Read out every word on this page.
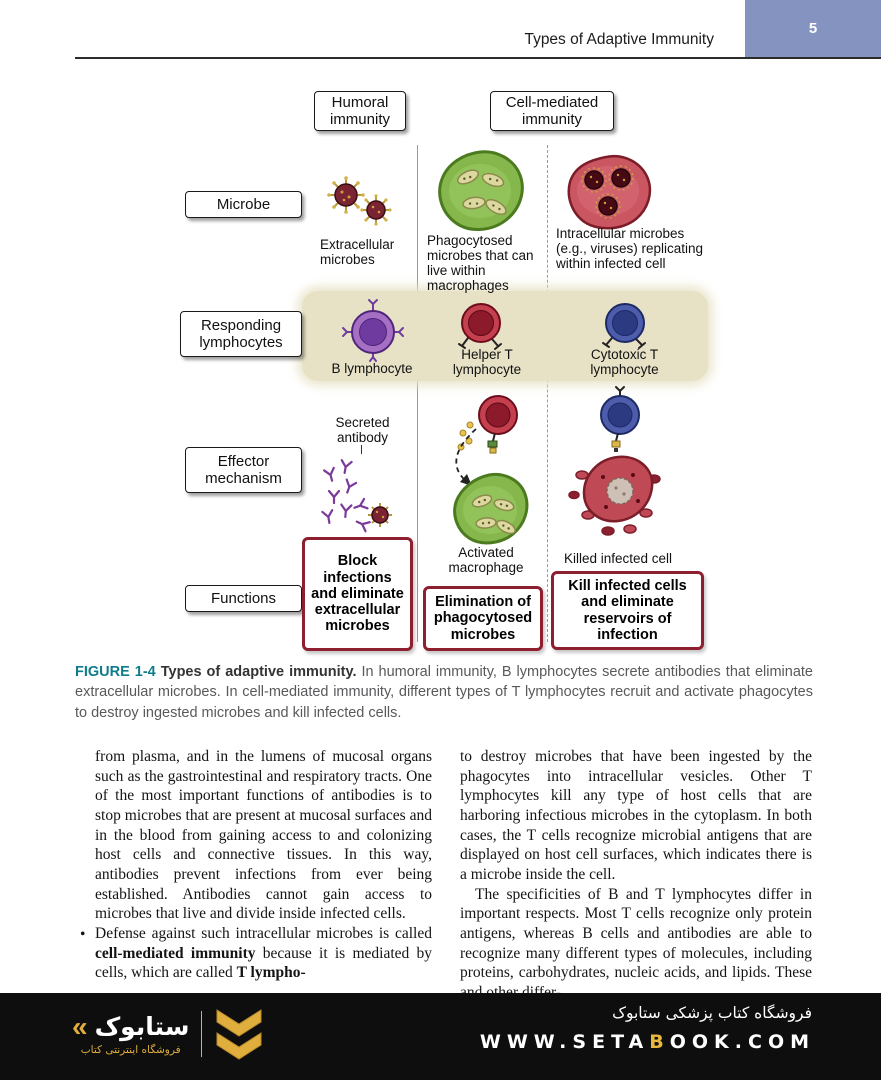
Types of Adaptive Immunity
5
Humoral immunity
Cell-mediated immunity
Microbe
Responding lymphocytes
Effector mechanism
Functions
Extracellular microbes
Phagocytosed microbes that can live within macrophages
Intracellular microbes (e.g., viruses) replicating within infected cell
B lymphocyte
Helper T lymphocyte
Cytotoxic T lymphocyte
Secreted antibody
Activated macrophage
Killed infected cell
Block infections and eliminate extracellular microbes
Elimination of phagocytosed microbes
Kill infected cells and eliminate reservoirs of infection
FIGURE 1-4 Types of adaptive immunity. In humoral immunity, B lymphocytes secrete antibodies that eliminate extracellular microbes. In cell-mediated immunity, different types of T lymphocytes recruit and activate phagocytes to destroy ingested microbes and kill infected cells.

from plasma, and in the lumens of mucosal organs such as the gastrointestinal and respiratory tracts. One of the most important functions of antibodies is to stop microbes that are present at mucosal surfaces and in the blood from gaining access to and colonizing host cells and connective tissues. In this way, antibodies prevent infections from ever being established. Antibodies cannot gain access to microbes that live and divide inside infected cells.

• Defense against such intracellular microbes is called cell-mediated immunity because it is mediated by cells, which are called T lympho-

to destroy microbes that have been ingested by the phagocytes into intracellular vesicles. Other T lymphocytes kill any type of host cells that are harboring infectious microbes in the cytoplasm. In both cases, the T cells recognize microbial antigens that are displayed on host cell surfaces, which indicates there is a microbe inside the cell.

The specificities of B and T lymphocytes differ in important respects. Most T cells recognize only protein antigens, whereas B cells and antibodies are able to recognize many different types of molecules, including proteins, carbohydrates, nucleic acids, and lipids. These

« ستابوک
فروشگاه اینترنتی کتاب
فروشگاه کتاب پزشکی ستابوک
WWW.SETABOOK.COM
